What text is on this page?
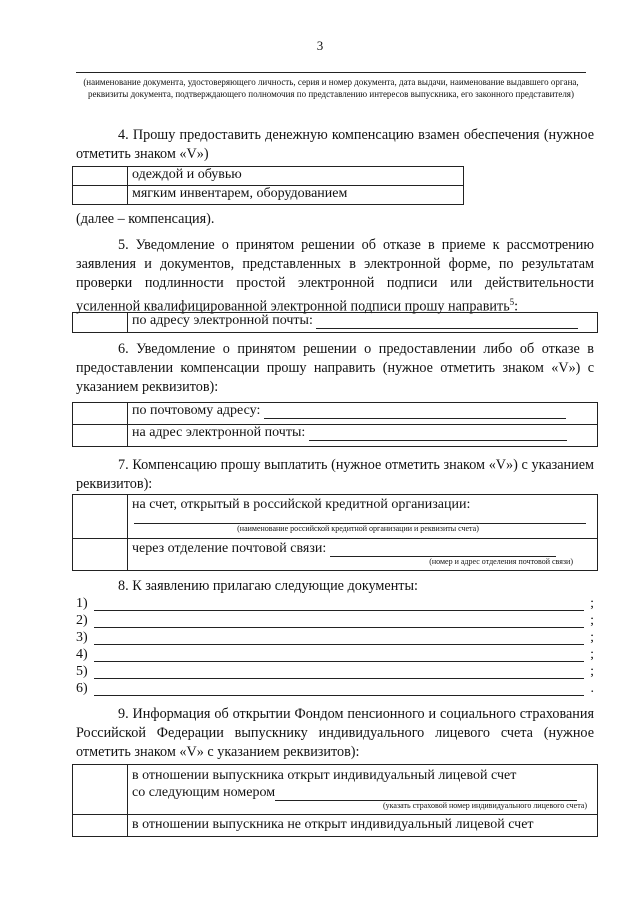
3
(наименование документа, удостоверяющего личность, серия и номер документа, дата выдачи, наименование выдавшего органа, реквизиты документа, подтверждающего полномочия по представлению интересов выпускника, его законного представителя)
4. Прошу предоставить денежную компенсацию взамен обеспечения (нужное отметить знаком «V»)
	одеждой и обувью
	мягким инвентарем, оборудованием
(далее – компенсация).
5. Уведомление о принятом решении об отказе в приеме к рассмотрению заявления и документов, представленных в электронной форме, по результатам проверки подлинности простой электронной подписи или действительности усиленной квалифицированной электронной подписи прошу направить$^5$:
	по адресу электронной почты:
6. Уведомление о принятом решении о предоставлении либо об отказе в предоставлении компенсации прошу направить (нужное отметить знаком «V») с указанием реквизитов):
	по почтовому адресу:
	на адрес электронной почты:
7. Компенсацию прошу выплатить (нужное отметить знаком «V») с указанием реквизитов):

	на счет, открытый в российской кредитной организации:
(наименование российской кредитной организации и реквизиты счета)

	через отделение почтовой связи:
(номер и адрес отделения почтовой связи)
8. К заявлению прилагаю следующие документы:
1)	;
2)	;
3)	;
4)	;
5)	;
6)	.
9. Информация об открытии Фондом пенсионного и социального страхования Российской Федерации выпускнику индивидуального лицевого счета (нужное отметить знаком «V» с указанием реквизитов):

	в отношении выпускника открыт индивидуальный лицевой счет
со следующим номером
(указать страховой номер индивидуального лицевого счета)

	в отношении выпускника не открыт индивидуальный лицевой счет
